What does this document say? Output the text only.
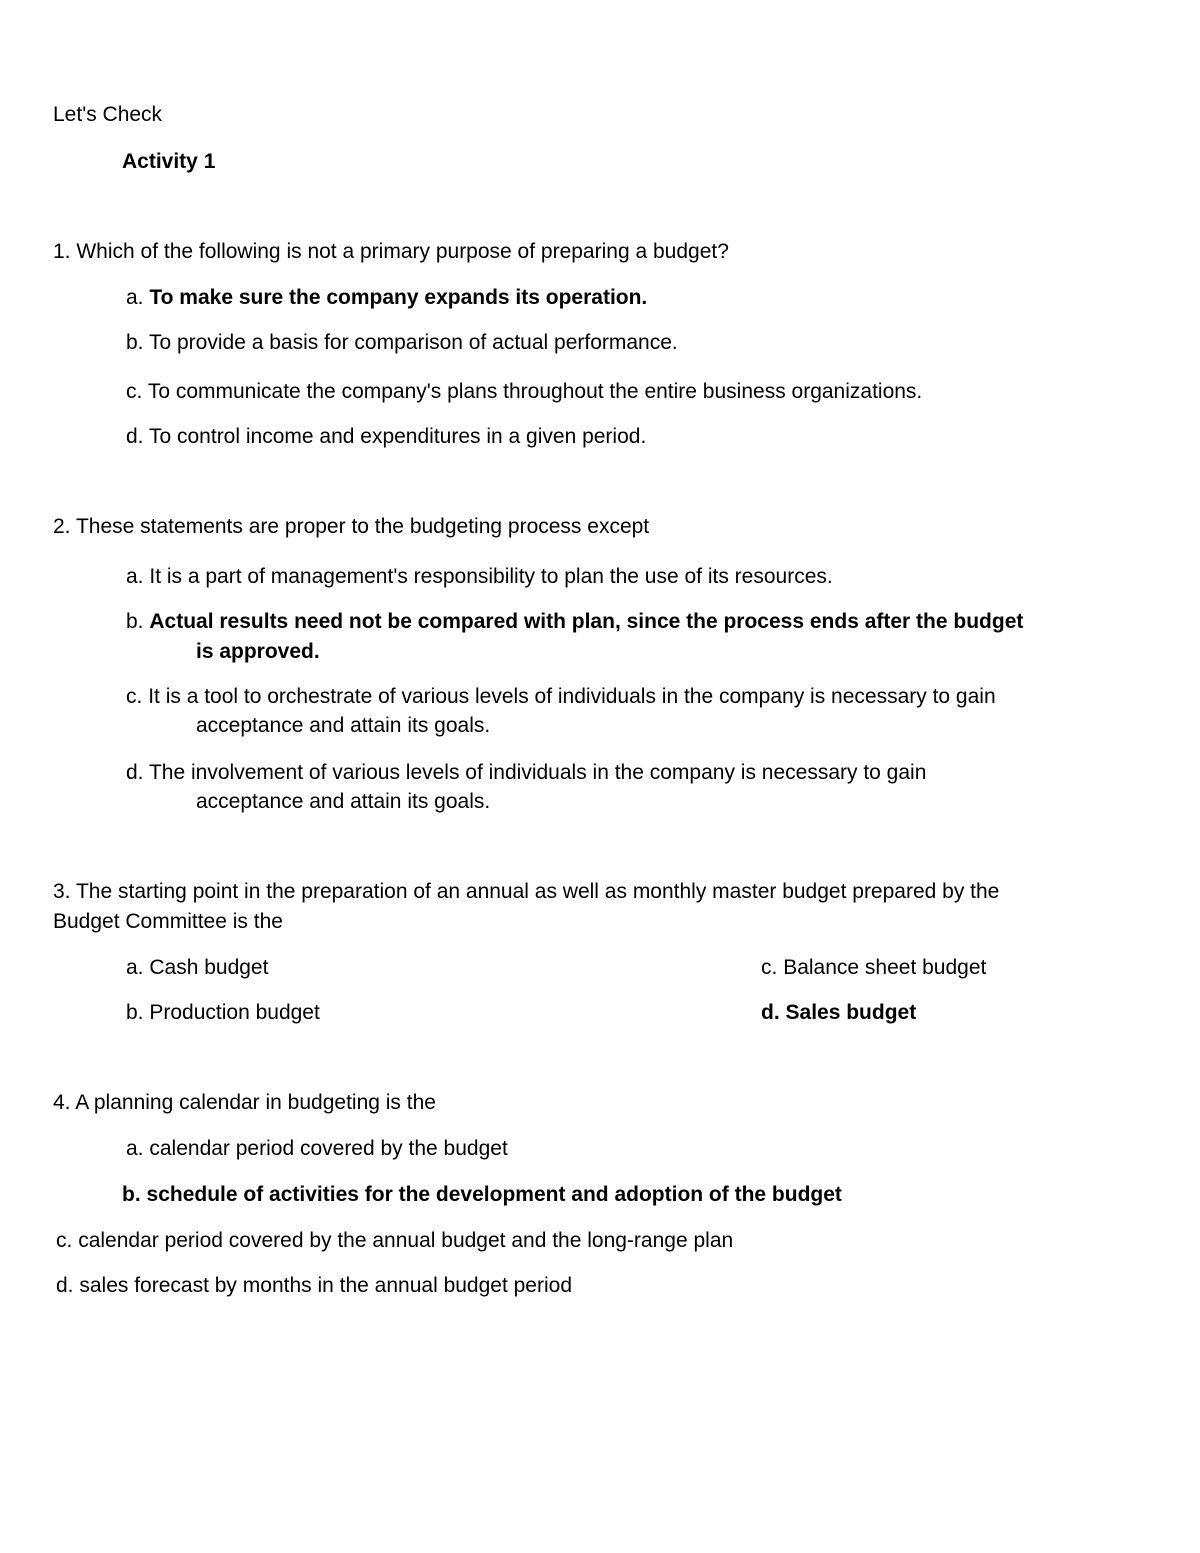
Let's Check
Activity 1
1. Which of the following is not a primary purpose of preparing a budget?
a. To make sure the company expands its operation.
b. To provide a basis for comparison of actual performance.
c. To communicate the company's plans throughout the entire business organizations.
d. To control income and expenditures in a given period.
2. These statements are proper to the budgeting process except
a. It is a part of management's responsibility to plan the use of its resources.
b. Actual results need not be compared with plan, since the process ends after the budget
is approved.
c. It is a tool to orchestrate of various levels of individuals in the company is necessary to gain
acceptance and attain its goals.
d. The involvement of various levels of individuals in the company is necessary to gain
acceptance and attain its goals.
3. The starting point in the preparation of an annual as well as monthly master budget prepared by the
Budget Committee is the
a. Cash budget
b. Production budget
c. Balance sheet budget
d. Sales budget
4. A planning calendar in budgeting is the
a. calendar period covered by the budget
b. schedule of activities for the development and adoption of the budget
c. calendar period covered by the annual budget and the long-range plan
d. sales forecast by months in the annual budget period
